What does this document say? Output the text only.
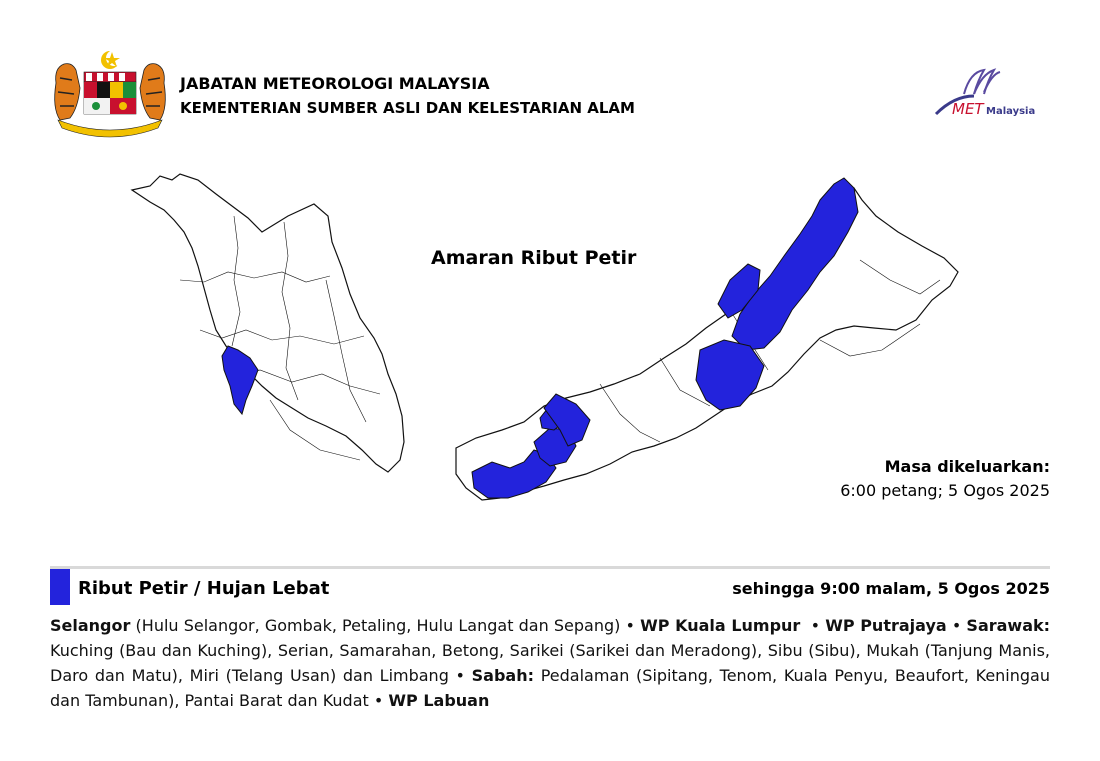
JABATAN METEOROLOGI MALAYSIA
KEMENTERIAN SUMBER ASLI DAN KELESTARIAN ALAM	MET Malaysia
Amaran Ribut Petir
Masa dikeluarkan:
6:00 petang; 5 Ogos 2025
Ribut Petir / Hujan Lebat	sehingga 9:00 malam, 5 Ogos 2025
Selangor (Hulu Selangor, Gombak, Petaling, Hulu Langat dan Sepang) • WP Kuala Lumpur  • WP Putrajaya • Sarawak: Kuching (Bau dan Kuching), Serian, Samarahan, Betong, Sarikei (Sarikei dan Meradong), Sibu (Sibu), Mukah (Tanjung Manis, Daro dan Matu), Miri (Telang Usan) dan Limbang • Sabah: Pedalaman (Sipitang, Tenom, Kuala Penyu, Beaufort, Keningau dan Tambunan), Pantai Barat dan Kudat • WP Labuan
